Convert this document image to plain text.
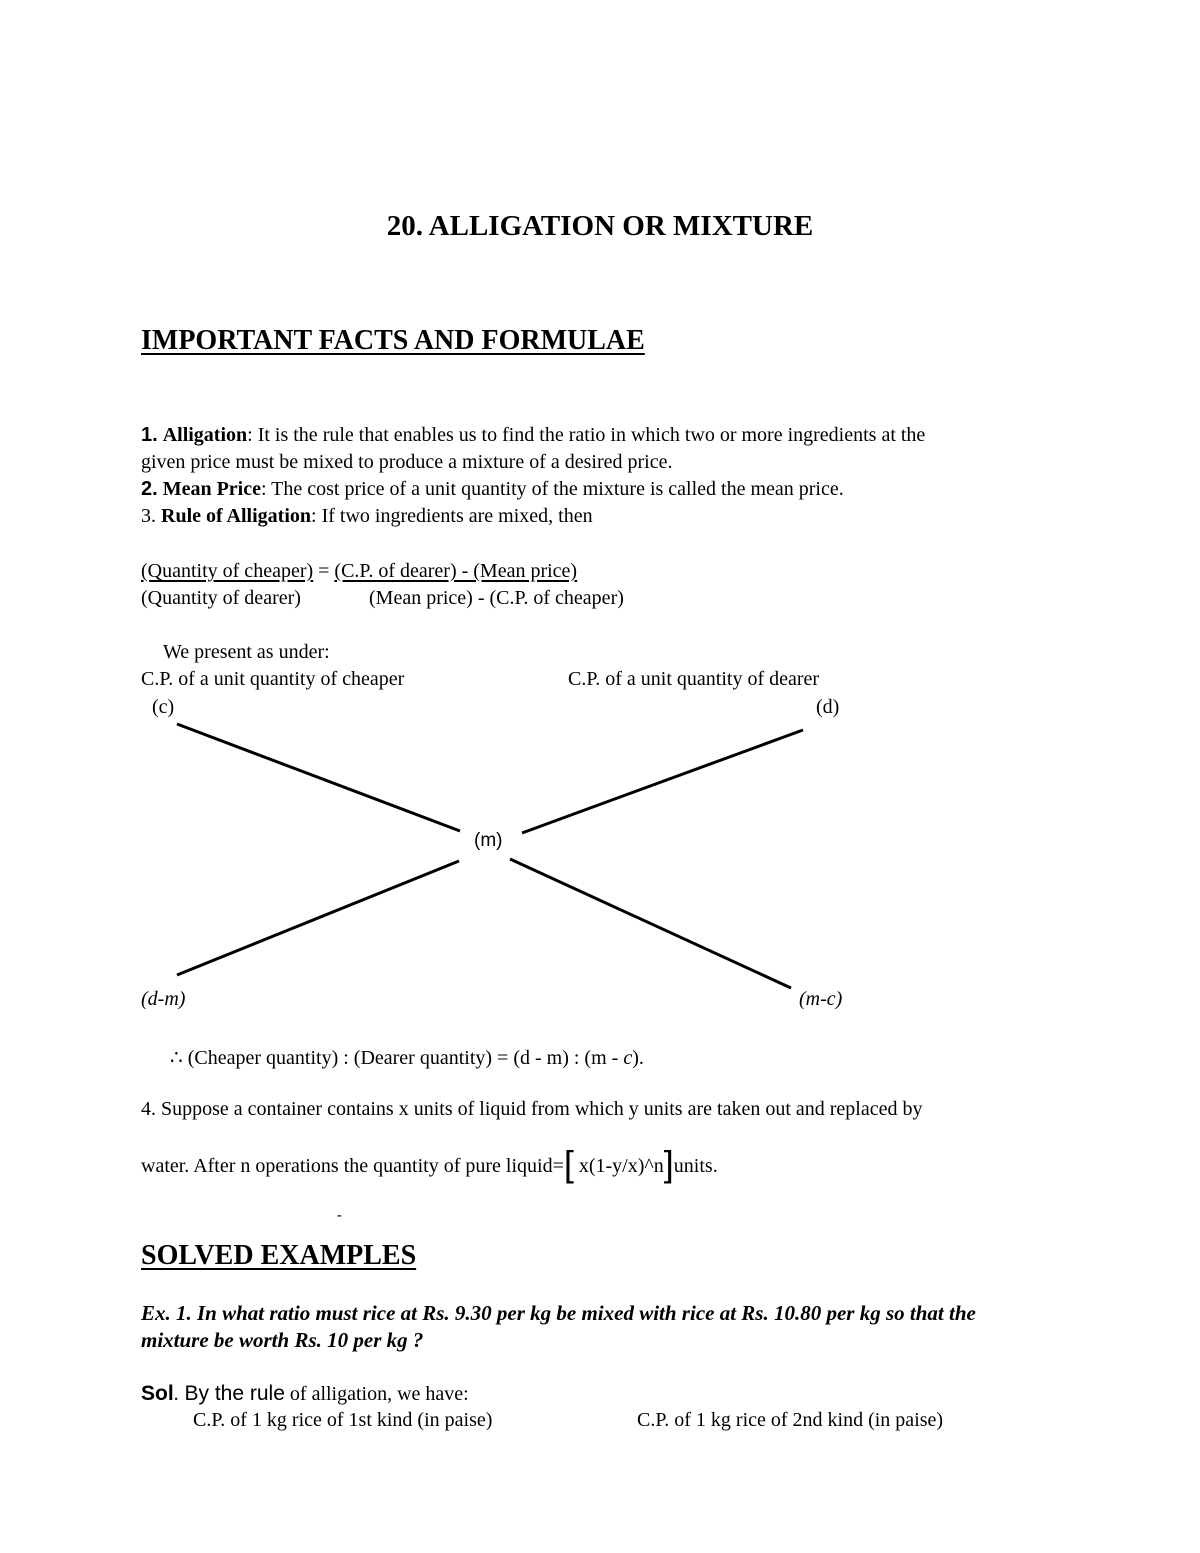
20. ALLIGATION OR MIXTURE
IMPORTANT FACTS AND FORMULAE
1. Alligation: It is the rule that enables us to find the ratio in which two or more ingredients at the
given price must be mixed to produce a mixture of a desired price.
2. Mean Price: The cost price of a unit quantity of the mixture is called the mean price.
3. Rule of Alligation: If two ingredients are mixed, then
(Quantity of cheaper) = (C.P. of dearer) - (Mean price)
(Quantity of dearer)	(Mean price) - (C.P. of cheaper)
We present as under:
C.P. of a unit quantity of cheaper	C.P. of a unit quantity of dearer
(c)	(d)
(m)
(d-m)	(m-c)
∴ (Cheaper quantity) : (Dearer quantity) = (d - m) : (m - c).
4. Suppose a container contains x units of liquid from which y units are taken out and replaced by
water. After n operations the quantity of pure liquid=[ x(1-y/x)^n]units.
-
SOLVED EXAMPLES
Ex. 1. In what ratio must rice at Rs. 9.30 per kg be mixed with rice at Rs. 10.80 per kg so that the
mixture be worth Rs. 10 per kg ?
Sol. By the rule of alligation, we have:
C.P. of 1 kg rice of 1st kind (in paise)	C.P. of 1 kg rice of 2nd kind (in paise)
